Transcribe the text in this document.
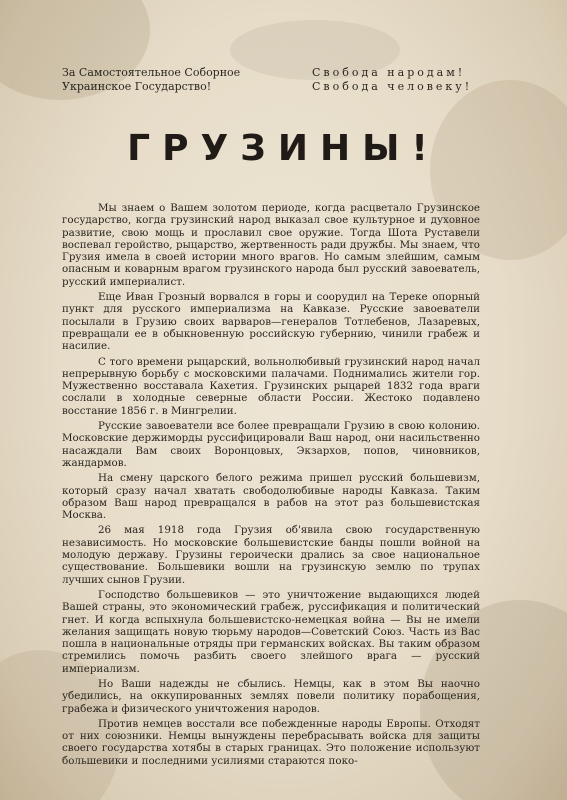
За Самостоятельное Соборное
Украинское Государство!
Свобода народам!
Свобода человеку!
ГРУЗИНЫ!

Мы знаем о Вашем золотом периоде, когда расцветало Грузинское государство, когда грузинский народ выказал свое культурное и духовное развитие, свою мощь и прославил свое оружие. Тогда Шота Руставели воспевал геройство, рыцарство, жертвенность ради дружбы. Мы знаем, что Грузия имела в своей истории много врагов. Но самым злейшим, самым опасным и коварным врагом грузинского народа был русский завоеватель, русский империалист.

Еще Иван Грозный ворвался в горы и соорудил на Тереке опорный пункт для русского империализма на Кавказе. Русские завоеватели посылали в Грузию своих варваров—генералов Тотлебенов, Лазаревых, превращали ее в обыкновенную российскую губернию, чинили грабеж и насилие.

С того времени рыцарский, вольнолюбивый грузинский народ начал непрерывную борьбу с московскими палачами. Поднимались жители гор. Мужественно восставала Кахетия. Грузинских рыцарей 1832 года враги сослали в холодные северные области России. Жестоко подавлено восстание 1856 г. в Мингрелии.

Русские завоеватели все более превращали Грузию в свою колонию. Московские держиморды руссифицировали Ваш народ, они насильственно насаждали Вам своих Воронцовых, Экзархов, попов, чиновников, жандармов.

На смену царского белого режима пришел русский большевизм, который сразу начал хватать свободолюбивые народы Кавказа. Таким образом Ваш народ превращался в рабов на этот раз большевистская Москва.

26 мая 1918 года Грузия об'явила свою государственную независимость. Но московские большевистские банды пошли войной на молодую державу. Грузины героически дрались за свое национальное существование. Большевики вошли на грузинскую землю по трупах лучших сынов Грузии.

Господство большевиков — это уничтожение выдающихся людей Вашей страны, это экономический грабеж, руссификация и политический гнет. И когда вспыхнула большевистско-немецкая война — Вы не имели желания защищать новую тюрьму народов—Советский Союз. Часть из Вас пошла в национальные отряды при германских войсках. Вы таким образом стремились помочь разбить своего злейшого врага — русский империализм.

Но Ваши надежды не сбылись. Немцы, как в этом Вы наочно убедились, на оккупированных землях повели политику порабощения, грабежа и физического уничтожения народов.

Против немцев восстали все побежденные народы Европы. Отходят от них союзники. Немцы вынуждены перебрасывать войска для защиты своего государства хотябы в старых границах. Это положение используют большевики и последними усилиями стараются поко-
